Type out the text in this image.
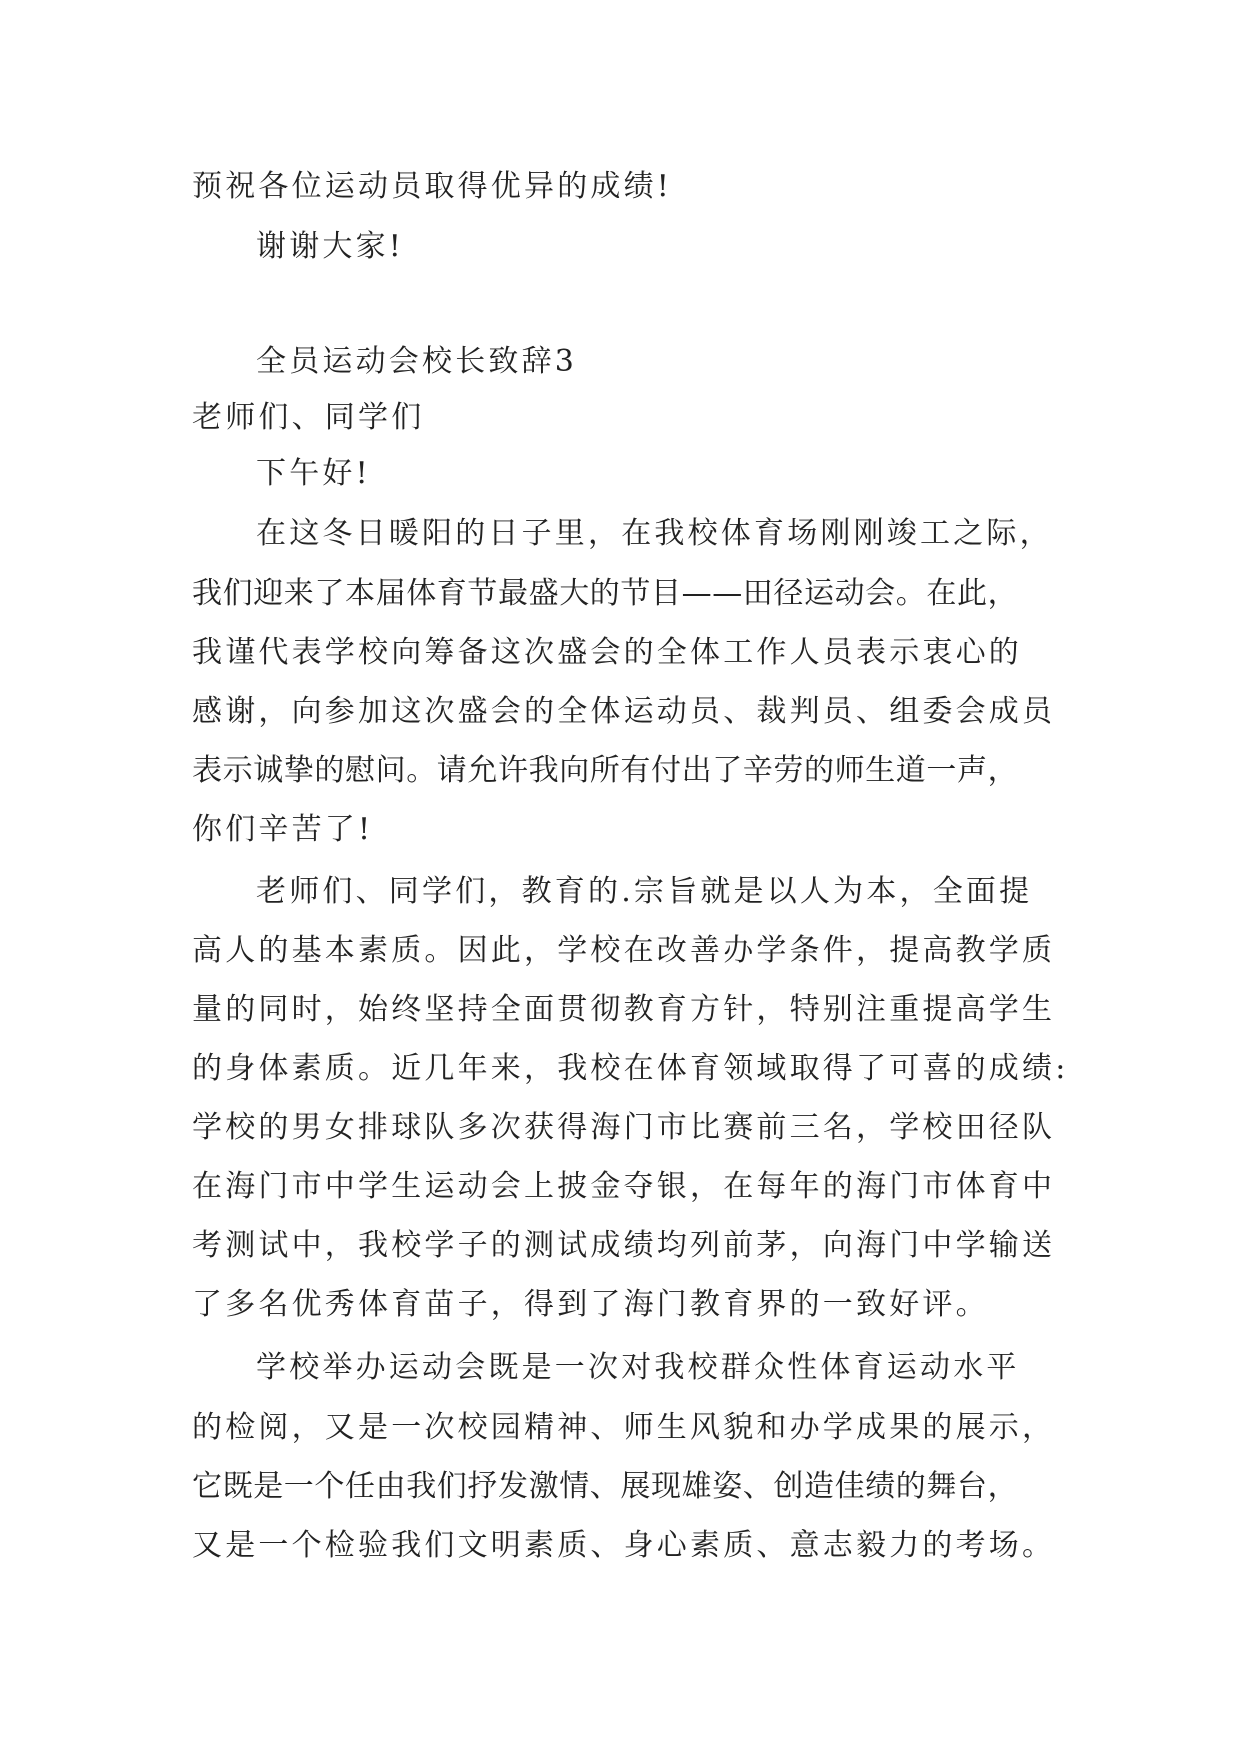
预祝各位运动员取得优异的成绩!

谢谢大家!

全员运动会校长致辞3

老师们、同学们

下午好!

在这冬日暖阳的日子里，在我校体育场刚刚竣工之际，

我们迎来了本届体育节最盛大的节目——田径运动会。在此，

我谨代表学校向筹备这次盛会的全体工作人员表示衷心的

感谢，向参加这次盛会的全体运动员、裁判员、组委会成员

表示诚挚的慰问。请允许我向所有付出了辛劳的师生道一声，

你们辛苦了!

老师们、同学们，教育的.宗旨就是以人为本，全面提

高人的基本素质。因此，学校在改善办学条件，提高教学质

量的同时，始终坚持全面贯彻教育方针，特别注重提高学生

的身体素质。近几年来，我校在体育领域取得了可喜的成绩:

学校的男女排球队多次获得海门市比赛前三名，学校田径队

在海门市中学生运动会上披金夺银，在每年的海门市体育中

考测试中，我校学子的测试成绩均列前茅，向海门中学输送

了多名优秀体育苗子，得到了海门教育界的一致好评。

学校举办运动会既是一次对我校群众性体育运动水平

的检阅，又是一次校园精神、师生风貌和办学成果的展示，

它既是一个任由我们抒发激情、展现雄姿、创造佳绩的舞台，

又是一个检验我们文明素质、身心素质、意志毅力的考场。
